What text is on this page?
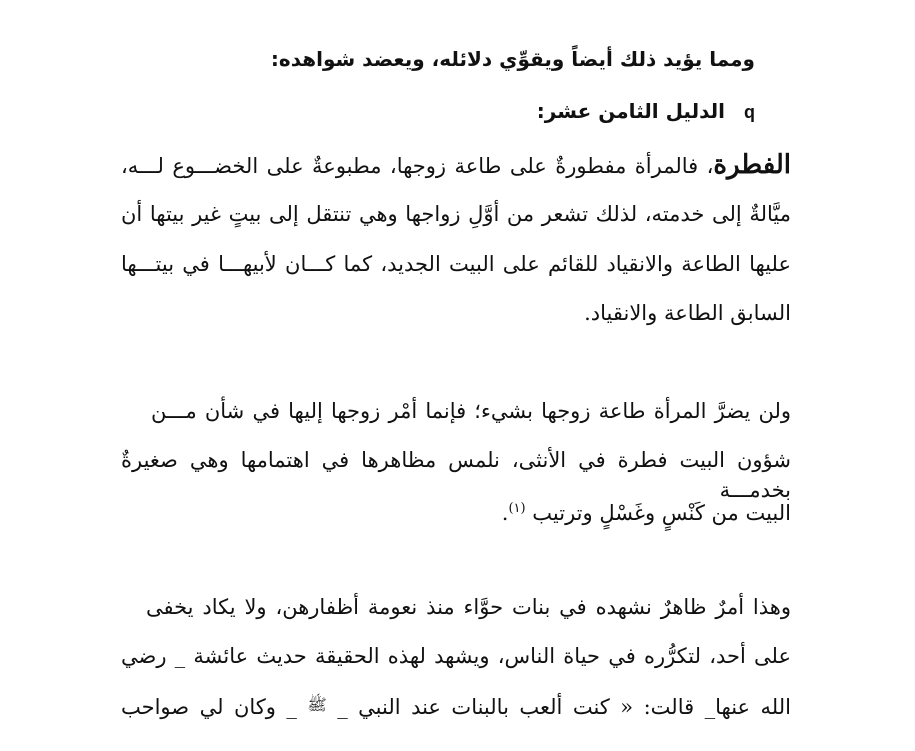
ومما يؤيد ذلك أيضاً ويقوِّي دلائله، ويعضد شواهده:
q الدليل الثامن عشر:
الفطرة، فالمرأة مفطورةٌ على طاعة زوجها، مطبوعةٌ على الخضـــوع لـــه،
ميَّالةٌ إلى خدمته، لذلك تشعر من أوَّلِ زواجها وهي تنتقل إلى بيتٍ غير بيتها أن
عليها الطاعة والانقياد للقائم على البيت الجديد، كما كـــان لأبيهـــا في بيتـــها
السابق الطاعة والانقياد.
ولن يضرَّ المرأة طاعة زوجها بشيء؛ فإنما أمْر زوجها إليها في شأن مـــن
شؤون البيت فطرة في الأنثى، نلمس مظاهرها في اهتمامها وهي صغيرةٌ بخدمـــة
البيت من كَنْسٍ وغَسْلٍ وترتيب $^{(١)}$.
وهذا أمرٌ ظاهرٌ نشهده في بنات حوَّاء منذ نعومة أظفارهن، ولا يكاد يخفى
على أحد، لتكرُّره في حياة الناس، ويشهد لهذه الحقيقة حديث عائشة _ رضي
الله عنها_ قالت: « كنت ألعب بالبنات عند النبي _ ﷺ _ وكان لي صواحب
